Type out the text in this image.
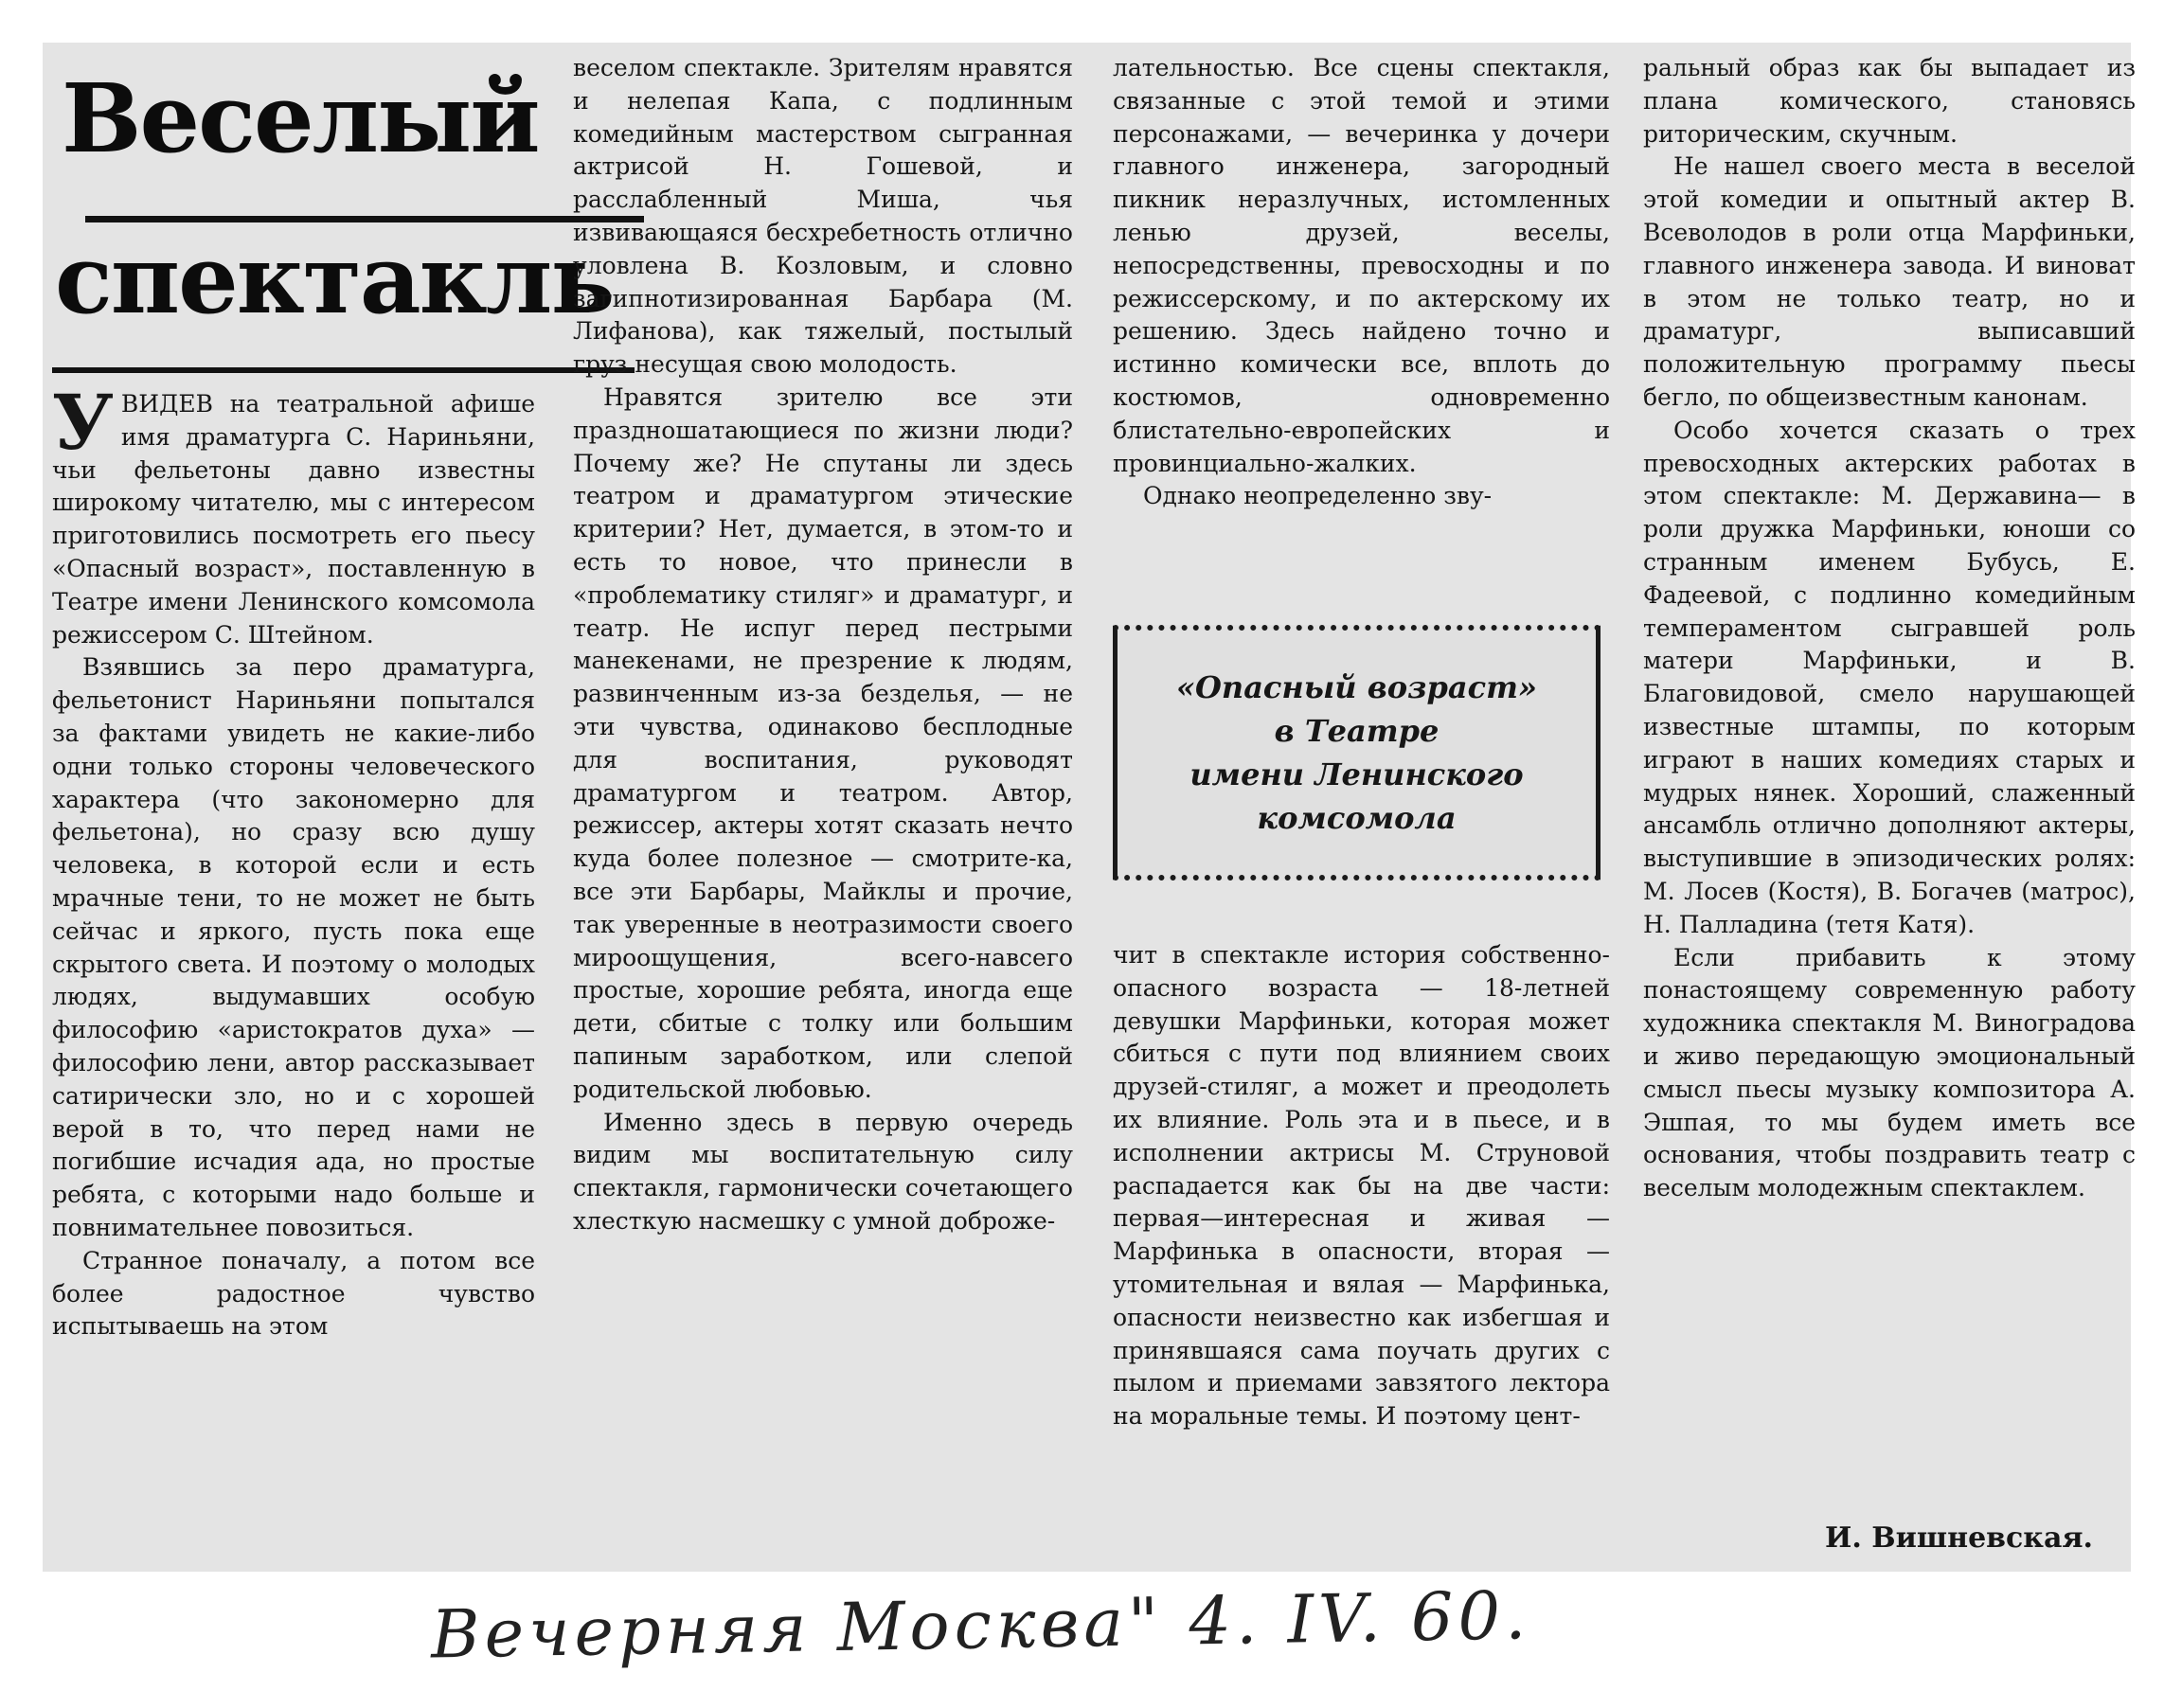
Веселый
спектакль

УВИДЕВ на театральной афише имя драматурга С. Нариньяни, чьи фельетоны давно известны широкому читателю, мы с интересом приготовились посмотреть его пьесу «Опасный возраст», поставленную в Театре имени Ленинского комсомола режиссером С. Штейном.

Взявшись за перо драматурга, фельетонист Нариньяни попытался за фактами увидеть не какие-либо одни только стороны человеческого характера (что закономерно для фельетона), но сразу всю душу человека, в которой если и есть мрачные тени, то не может не быть сейчас и яркого, пусть пока еще скрытого света. И поэтому о молодых людях, выдумавших особую философию «аристократов духа» — философию лени, автор рассказывает сатирически зло, но и с хорошей верой в то, что перед нами не погибшие исчадия ада, но простые ребята, с которыми надо больше и повнимательнее повозиться.

Странное поначалу, а потом все более радостное чувство испытываешь на этом

веселом спектакле. Зрителям нравятся и нелепая Капа, с подлинным комедийным мастерством сыгранная актрисой Н. Гошевой, и расслабленный Миша, чья извивающаяся бесхребетность отлично уловлена В. Козловым, и словно загипнотизированная Барбара (М. Лифанова), как тяжелый, постылый груз несущая свою молодость.

Нравятся зрителю все эти праздношатающиеся по жизни люди? Почему же? Не спутаны ли здесь театром и драматургом этические критерии? Нет, думается, в этом-то и есть то новое, что принесли в «проблематику стиляг» и драматург, и театр. Не испуг перед пестрыми манекенами, не презрение к людям, развинченным из-за безделья, — не эти чувства, одинаково бесплодные для воспитания, руководят драматургом и театром. Автор, режиссер, актеры хотят сказать нечто куда более полезное — смотрите-ка, все эти Барбары, Майклы и прочие, так уверенные в неотразимости своего мироощущения, всего-навсего простые, хорошие ребята, иногда еще дети, сбитые с толку или большим папиным заработком, или слепой родительской любовью.

Именно здесь в первую очередь видим мы воспитательную силу спектакля, гармонически сочетающего хлесткую насмешку с умной доброже-

лательностью. Все сцены спектакля, связанные с этой темой и этими персонажами, — вечеринка у дочери главного инженера, загородный пикник неразлучных, истомленных ленью друзей, веселы, непосредственны, превосходны и по режиссерскому, и по актерскому их решению. Здесь найдено точно и истинно комически все, вплоть до костюмов, одновременно блистательно-европейских и провинциально-жалких.

Однако неопределенно зву-

«Опасный возраст»
в Театре
имени Ленинского
комсомола

чит в спектакле история собственно-опасного возраста — 18-летней девушки Марфиньки, которая может сбиться с пути под влиянием своих друзей-стиляг, а может и преодолеть их влияние. Роль эта и в пьесе, и в исполнении актрисы М. Струновой распадается как бы на две части: первая—интересная и живая — Марфинька в опасности, вторая — утомительная и вялая — Марфинька, опасности неизвестно как избегшая и принявшаяся сама поучать других с пылом и приемами завзятого лектора на моральные темы. И поэтому цент-

ральный образ как бы выпадает из плана комического, становясь риторическим, скучным.

Не нашел своего места в веселой этой комедии и опытный актер В. Всеволодов в роли отца Марфиньки, главного инженера завода. И виноват в этом не только театр, но и драматург, выписавший положительную программу пьесы бегло, по общеизвестным канонам.

Особо хочется сказать о трех превосходных актерских работах в этом спектакле: М. Державина— в роли дружка Марфиньки, юноши со странным именем Бубусь, Е. Фадеевой, с подлинно комедийным темпераментом сыгравшей роль матери Марфиньки, и В. Благовидовой, смело нарушающей известные штампы, по которым играют в наших комедиях старых и мудрых нянек. Хороший, слаженный ансамбль отлично дополняют актеры, выступившие в эпизодических ролях: М. Лосев (Костя), В. Богачев (матрос), Н. Палладина (тетя Катя).

Если прибавить к этому понастоящему современную работу художника спектакля М. Виноградова и живо передающую эмоциональный смысл пьесы музыку композитора А. Эшпая, то мы будем иметь все основания, чтобы поздравить театр с веселым молодежным спектаклем.

И. Вишневская.
Вечерняя Москва" 4. IV. 60.
